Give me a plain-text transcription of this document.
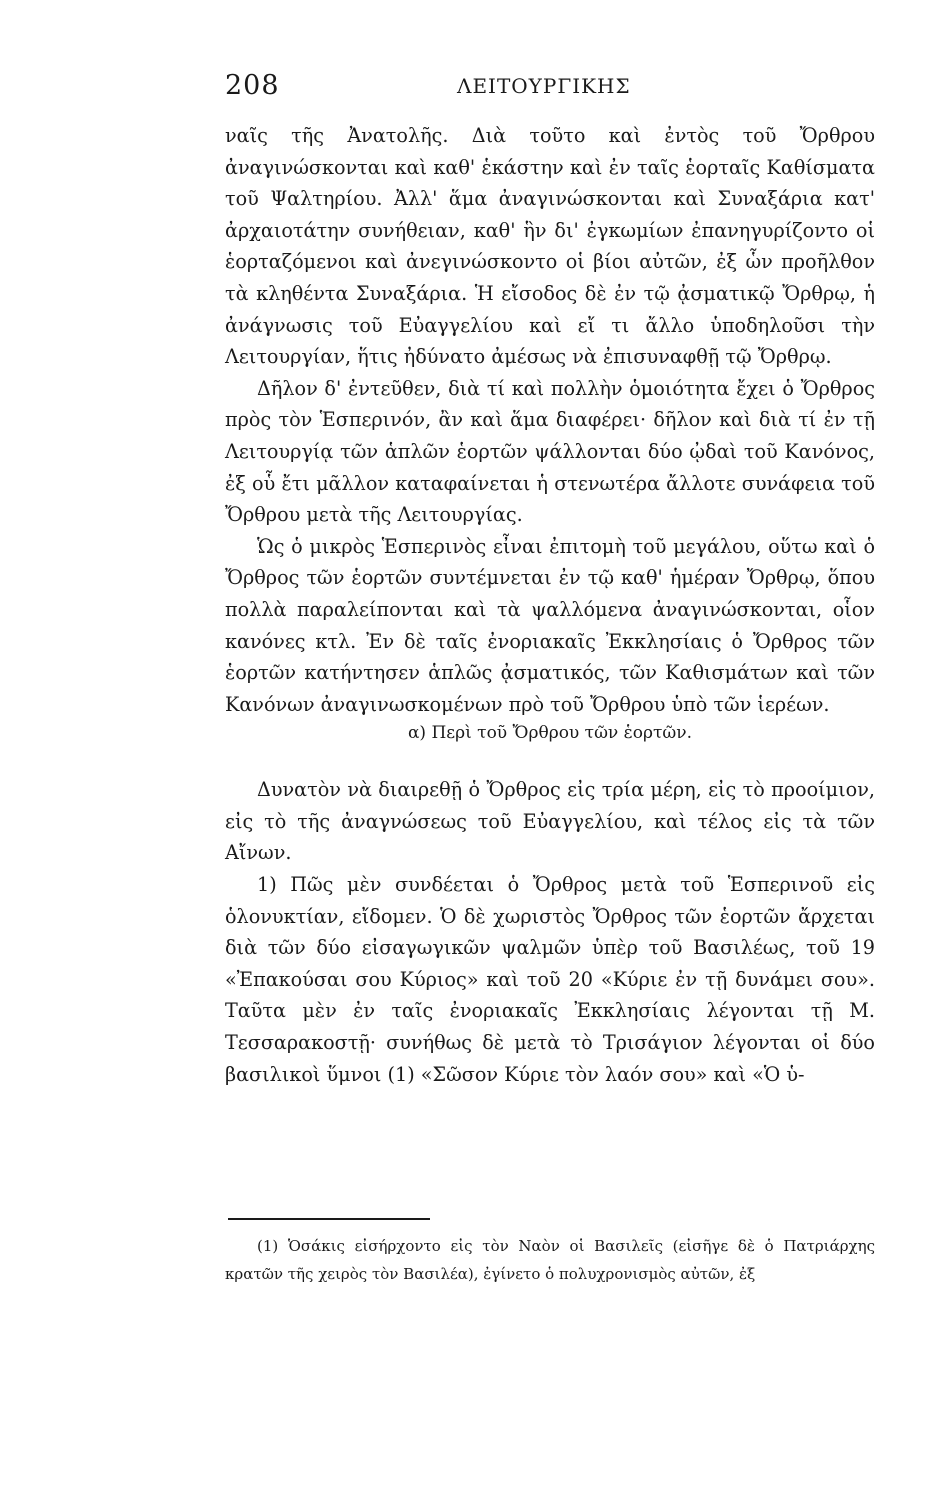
208	ΛΕΙΤΟΥΡΓΙΚΗΣ

ναῖς τῆς Ἀνατολῆς. Διὰ τοῦτο καὶ ἐντὸς τοῦ Ὄρθρου ἀναγινώσκονται καὶ καθ' ἑκάστην καὶ ἐν ταῖς ἑορταῖς Καθίσματα τοῦ Ψαλτηρίου. Ἀλλ' ἅμα ἀναγινώσκονται καὶ Συναξάρια κατ' ἀρχαιοτάτην συνήθειαν, καθ' ἣν δι' ἐγκωμίων ἐπανηγυρίζοντο οἱ ἑορταζόμενοι καὶ ἀνεγινώσκοντο οἱ βίοι αὐτῶν, ἐξ ὧν προῆλθον τὰ κληθέντα Συναξάρια. Ἡ εἴσοδος δὲ ἐν τῷ ᾀσματικῷ Ὄρθρῳ, ἡ ἀνάγνωσις τοῦ Εὐαγγελίου καὶ εἴ τι ἄλλο ὑποδηλοῦσι τὴν Λειτουργίαν, ἥτις ἠδύνατο ἀμέσως νὰ ἐπισυναφθῇ τῷ Ὄρθρῳ.

Δῆλον δ' ἐντεῦθεν, διὰ τί καὶ πολλὴν ὁμοιότητα ἔχει ὁ Ὄρθρος πρὸς τὸν Ἑσπερινόν, ἂν καὶ ἅμα διαφέρει· δῆλον καὶ διὰ τί ἐν τῇ Λειτουργίᾳ τῶν ἁπλῶν ἑορτῶν ψάλλονται δύο ᾠδαὶ τοῦ Κανόνος, ἐξ οὗ ἔτι μᾶλλον καταφαίνεται ἡ στενωτέρα ἄλλοτε συνάφεια τοῦ Ὄρθρου μετὰ τῆς Λειτουργίας.

Ὡς ὁ μικρὸς Ἑσπερινὸς εἶναι ἐπιτομὴ τοῦ μεγάλου, οὕτω καὶ ὁ Ὄρθρος τῶν ἑορτῶν συντέμνεται ἐν τῷ καθ' ἡμέραν Ὄρθρῳ, ὅπου πολλὰ παραλείπονται καὶ τὰ ψαλλόμενα ἀναγινώσκονται, οἷον κανόνες κτλ. Ἐν δὲ ταῖς ἐνοριακαῖς Ἐκκλησίαις ὁ Ὄρθρος τῶν ἑορτῶν κατήντησεν ἁπλῶς ᾀσματικός, τῶν Καθισμάτων καὶ τῶν Κανόνων ἀναγινωσκομένων πρὸ τοῦ Ὄρθρου ὑπὸ τῶν ἱερέων.

α) Περὶ τοῦ Ὄρθρου τῶν ἑορτῶν.

Δυνατὸν νὰ διαιρεθῇ ὁ Ὄρθρος εἰς τρία μέρη, εἰς τὸ προοίμιον, εἰς τὸ τῆς ἀναγνώσεως τοῦ Εὐαγγελίου, καὶ τέλος εἰς τὰ τῶν Αἴνων.

1) Πῶς μὲν συνδέεται ὁ Ὄρθρος μετὰ τοῦ Ἑσπερινοῦ εἰς ὁλονυκτίαν, εἴδομεν. Ὁ δὲ χωριστὸς Ὄρθρος τῶν ἑορτῶν ἄρχεται διὰ τῶν δύο εἰσαγωγικῶν ψαλμῶν ὑπὲρ τοῦ Βασιλέως, τοῦ 19 «Ἐπακούσαι σου Κύριος» καὶ τοῦ 20 «Κύριε ἐν τῇ δυνάμει σου». Ταῦτα μὲν ἐν ταῖς ἐνοριακαῖς Ἐκκλησίαις λέγονται τῇ Μ. Τεσσαρακοστῇ· συνήθως δὲ μετὰ τὸ Τρισάγιον λέγονται οἱ δύο βασιλικοὶ ὕμνοι (1) «Σῶσον Κύριε τὸν λαόν σου» καὶ «Ὁ ὑ-

(1) Ὁσάκις εἰσήρχοντο εἰς τὸν Ναὸν οἱ Βασιλεῖς (εἰσῆγε δὲ ὁ Πατριάρχης κρατῶν τῆς χειρὸς τὸν Βασιλέα), ἐγίνετο ὁ πολυχρονισμὸς αὐτῶν, ἐξ
